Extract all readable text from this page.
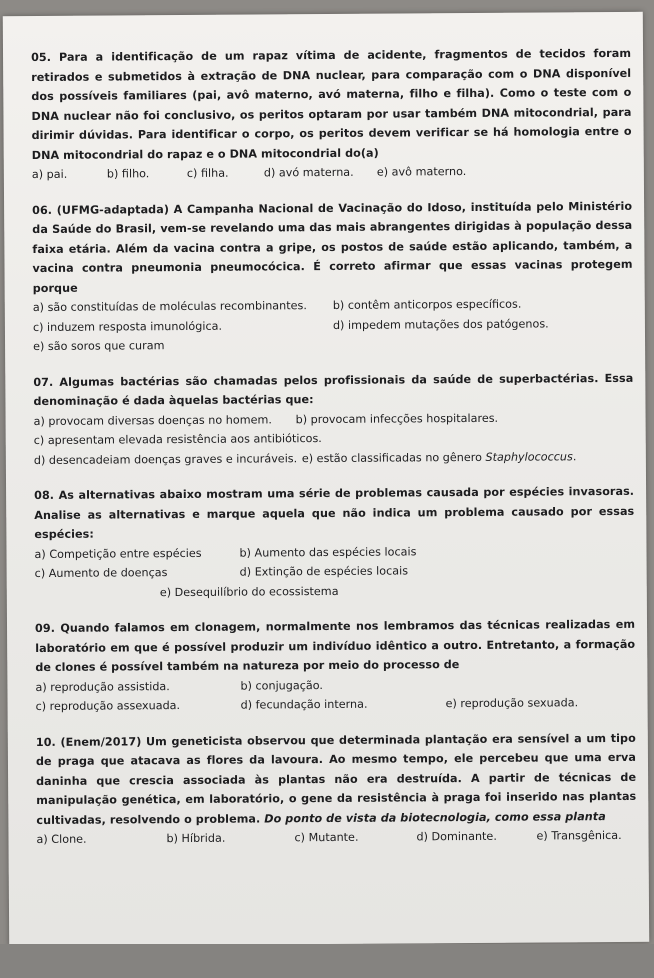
05. Para a identificação de um rapaz vítima de acidente, fragmentos de tecidos foram retirados e submetidos à extração de DNA nuclear, para comparação com o DNA disponível dos possíveis familiares (pai, avô materno, avó materna, filho e filha). Como o teste com o DNA nuclear não foi conclusivo, os peritos optaram por usar também DNA mitocondrial, para dirimir dúvidas. Para identificar o corpo, os peritos devem verificar se há homologia entre o DNA mitocondrial do rapaz e o DNA mitocondrial do(a)
a) pai.	b) filho.	c) filha.	d) avó materna. e) avô materno.
06. (UFMG-adaptada) A Campanha Nacional de Vacinação do Idoso, instituída pelo Ministério da Saúde do Brasil, vem-se revelando uma das mais abrangentes dirigidas à população dessa faixa etária. Além da vacina contra a gripe, os postos de saúde estão aplicando, também, a vacina contra pneumonia pneumocócica. É correto afirmar que essas vacinas protegem porque
a) são constituídas de moléculas recombinantes. b) contêm anticorpos específicos.
c) induzem resposta imunológica.	d) impedem mutações dos patógenos.
e) são soros que curam
07. Algumas bactérias são chamadas pelos profissionais da saúde de superbactérias. Essa denominação é dada àquelas bactérias que:
a) provocam diversas doenças no homem. b) provocam infecções hospitalares.
c) apresentam elevada resistência aos antibióticos.
d) desencadeiam doenças graves e incuráveis. e) estão classificadas no gênero Staphylococcus.
08. As alternativas abaixo mostram uma série de problemas causada por espécies invasoras. Analise as alternativas e marque aquela que não indica um problema causado por essas espécies:
a) Competição entre espécies	b) Aumento das espécies locais
c) Aumento de doenças	d) Extinção de espécies locais
e) Desequilíbrio do ecossistema
09. Quando falamos em clonagem, normalmente nos lembramos das técnicas realizadas em laboratório em que é possível produzir um indivíduo idêntico a outro. Entretanto, a formação de clones é possível também na natureza por meio do processo de
a) reprodução assistida.	b) conjugação.
c) reprodução assexuada.	d) fecundação interna.	e) reprodução sexuada.
10. (Enem/2017) Um geneticista observou que determinada plantação era sensível a um tipo de praga que atacava as flores da lavoura. Ao mesmo tempo, ele percebeu que uma erva daninha que crescia associada às plantas não era destruída. A partir de técnicas de manipulação genética, em laboratório, o gene da resistência à praga foi inserido nas plantas cultivadas, resolvendo o problema. Do ponto de vista da biotecnologia, como essa planta
a) Clone.	b) Híbrida.	c) Mutante.	d) Dominante.	e) Transgênica.
